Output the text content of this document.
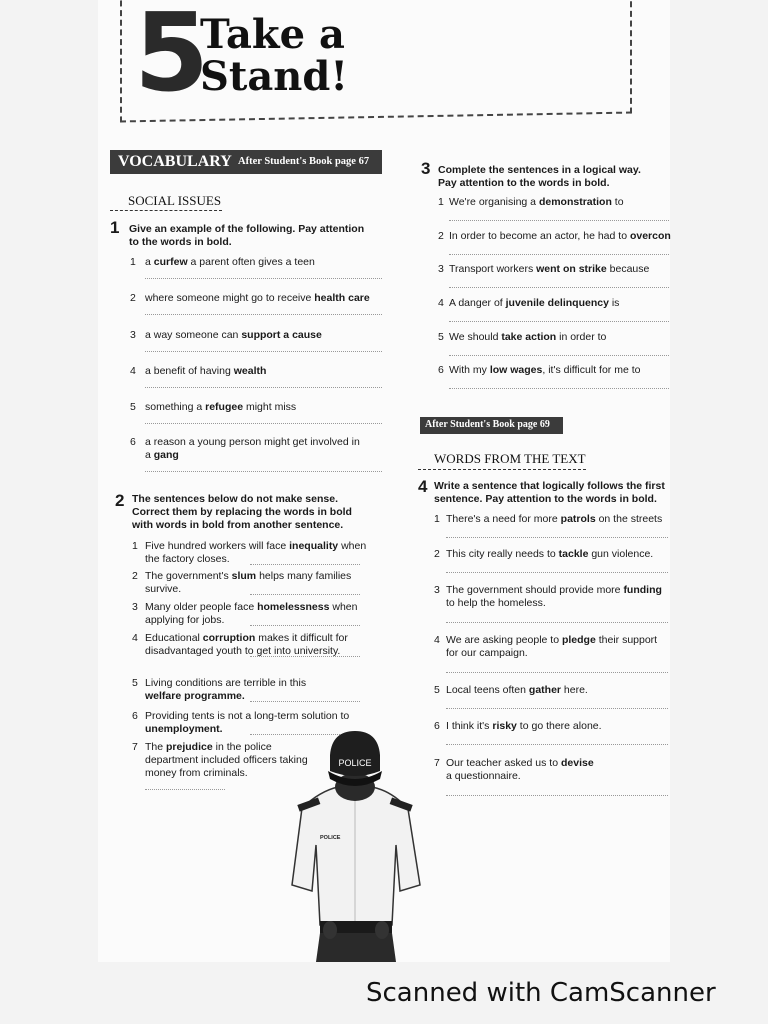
5
Take a
Stand!
VOCABULARY After Student's Book page 67
SOCIAL ISSUES
1 Give an example of the following. Pay attention
to the words in bold.
1 a curfew a parent often gives a teen
2 where someone might go to receive health care
3 a way someone can support a cause
4 a benefit of having wealth
5 something a refugee might miss
6 a reason a young person might get involved in
a gang
2 The sentences below do not make sense.
Correct them by replacing the words in bold
with words in bold from another sentence.
1 Five hundred workers will face inequality when
the factory closes.
2 The government's slum helps many families
survive.
3 Many older people face homelessness when
applying for jobs.
4 Educational corruption makes it difficult for
disadvantaged youth to get into university.
5 Living conditions are terrible in this
welfare programme.
6 Providing tents is not a long-term solution to
unemployment.
7 The prejudice in the police
department included officers taking
money from criminals.
3 Complete the sentences in a logical way.
Pay attention to the words in bold.
1 We're organising a demonstration to
2 In order to become an actor, he had to overcon
3 Transport workers went on strike because
4 A danger of juvenile delinquency is
5 We should take action in order to
6 With my low wages, it's difficult for me to
After Student's Book page 69
WORDS FROM THE TEXT
4 Write a sentence that logically follows the first
sentence. Pay attention to the words in bold.
1 There's a need for more patrols on the streets
2 This city really needs to tackle gun violence.
3 The government should provide more funding
to help the homeless.
4 We are asking people to pledge their support
for our campaign.
5 Local teens often gather here.
6 I think it's risky to go there alone.
7 Our teacher asked us to devise
a questionnaire.
POLICE
POLICE
Scanned with CamScanner
